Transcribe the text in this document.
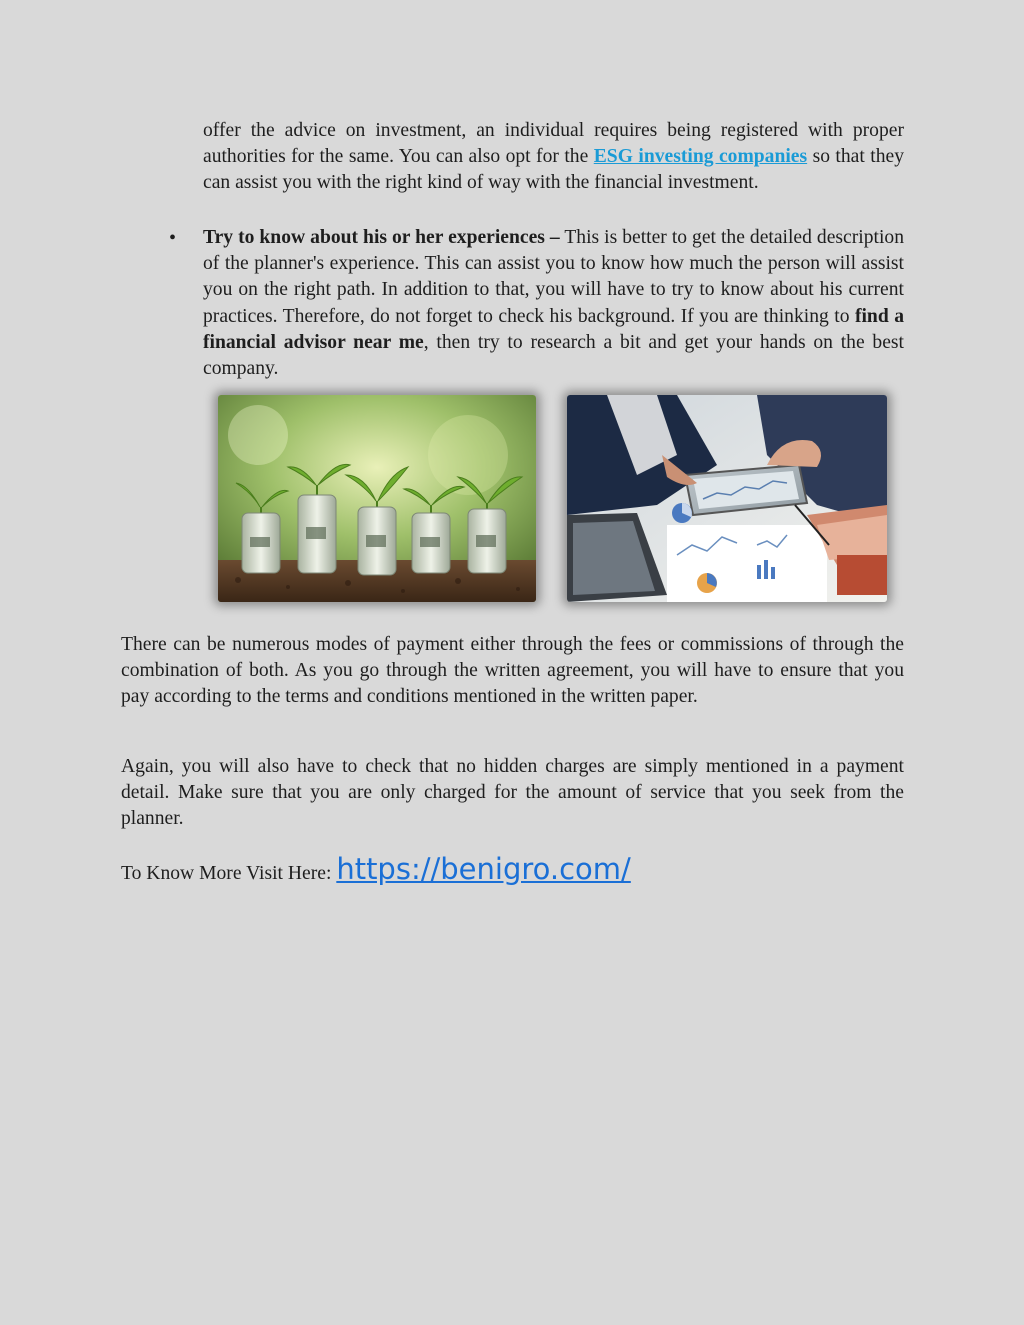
offer the advice on investment, an individual requires being registered with proper authorities for the same. You can also opt for the ESG investing companies so that they can assist you with the right kind of way with the financial investment.
• Try to know about his or her experiences – This is better to get the detailed description of the planner's experience. This can assist you to know how much the person will assist you on the right path. In addition to that, you will have to try to know about his current practices. Therefore, do not forget to check his background. If you are thinking to find a financial advisor near me, then try to research a bit and get your hands on the best company.
There can be numerous modes of payment either through the fees or commissions of through the combination of both. As you go through the written agreement, you will have to ensure that you pay according to the terms and conditions mentioned in the written paper.
Again, you will also have to check that no hidden charges are simply mentioned in a payment detail. Make sure that you are only charged for the amount of service that you seek from the planner.
To Know More Visit Here: https://benigro.com/
